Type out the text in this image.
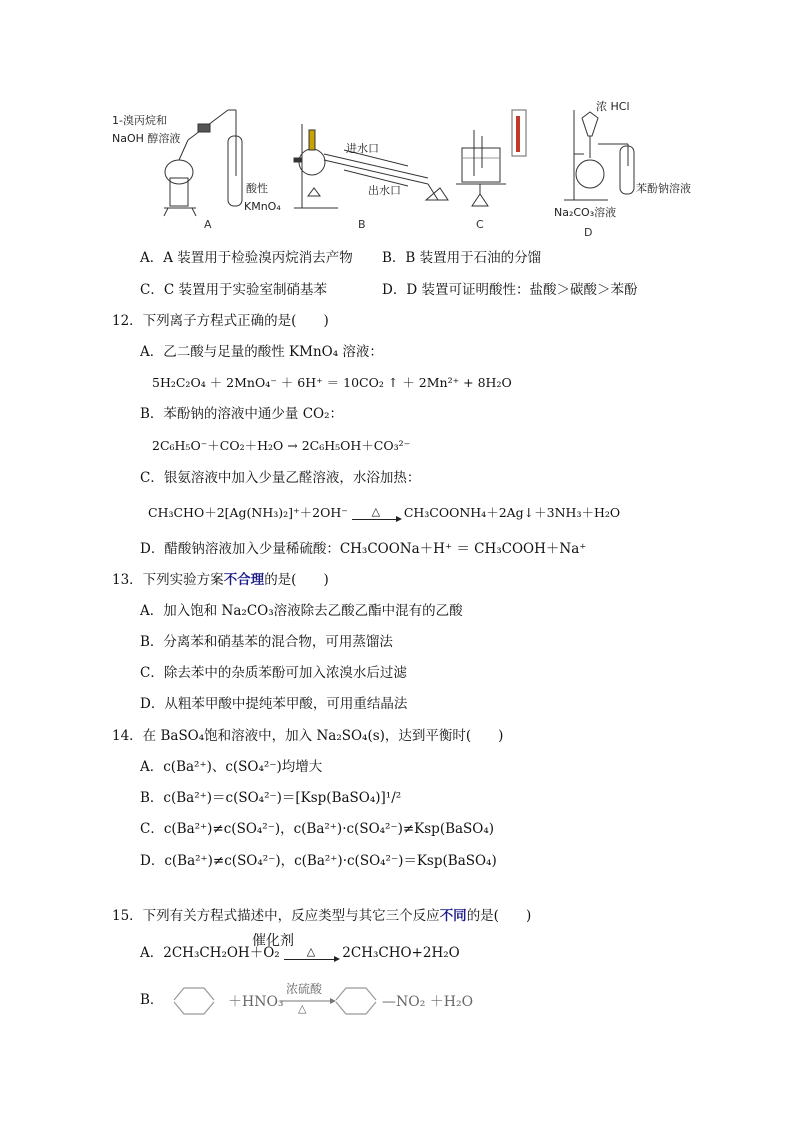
1-溴丙烷和
NaOH 醇溶液
酸性
KMnO₄
进水口
出水口
浓 HCl
苯酚钠溶液
Na₂CO₃溶液
A	B	C
D
A．A 装置用于检验溴丙烷消去产物 B．B 装置用于石油的分馏
C．C 装置用于实验室制硝基苯	D．D 装置可证明酸性：盐酸＞碳酸＞苯酚
12．下列离子方程式正确的是(　　)
A．乙二酸与足量的酸性 KMnO₄ 溶液：
5H₂C₂O₄ ＋ 2MnO₄⁻ ＋ 6H⁺ ＝ 10CO₂ ↑ ＋ 2Mn²⁺ + 8H₂O
B．苯酚钠的溶液中通少量 CO₂：
2C₆H₅O⁻＋CO₂＋H₂O → 2C₆H₅OH＋CO₃²⁻
C．银氨溶液中加入少量乙醛溶液，水浴加热：
CH₃CHO＋2[Ag(NH₃)₂]⁺＋2OH⁻	△	CH₃COONH₄＋2Ag↓＋3NH₃＋H₂O
D．醋酸钠溶液加入少量稀硫酸：CH₃COONa＋H⁺ ＝ CH₃COOH＋Na⁺
13．下列实验方案不合理的是(　　)
A．加入饱和 Na₂CO₃溶液除去乙酸乙酯中混有的乙酸
B．分离苯和硝基苯的混合物，可用蒸馏法
C．除去苯中的杂质苯酚可加入浓溴水后过滤
D．从粗苯甲酸中提纯苯甲酸，可用重结晶法
14．在 BaSO₄饱和溶液中，加入 Na₂SO₄(s)，达到平衡时(　　)
A．c(Ba²⁺)、c(SO₄²⁻)均增大
B．c(Ba²⁺)＝c(SO₄²⁻)＝[Ksp(BaSO₄)]¹/²
C．c(Ba²⁺)≠c(SO₄²⁻)，c(Ba²⁺)·c(SO₄²⁻)≠Ksp(BaSO₄)
D．c(Ba²⁺)≠c(SO₄²⁻)，c(Ba²⁺)·c(SO₄²⁻)＝Ksp(BaSO₄)
15．下列有关方程式描述中，反应类型与其它三个反应不同的是(　　)
A．2CH₃CH₂OH＋O₂	△	2CH₃CHO+2H₂O
催化剂
B．	＋HNO₃
浓硫酸
△	—NO₂ ＋H₂O
